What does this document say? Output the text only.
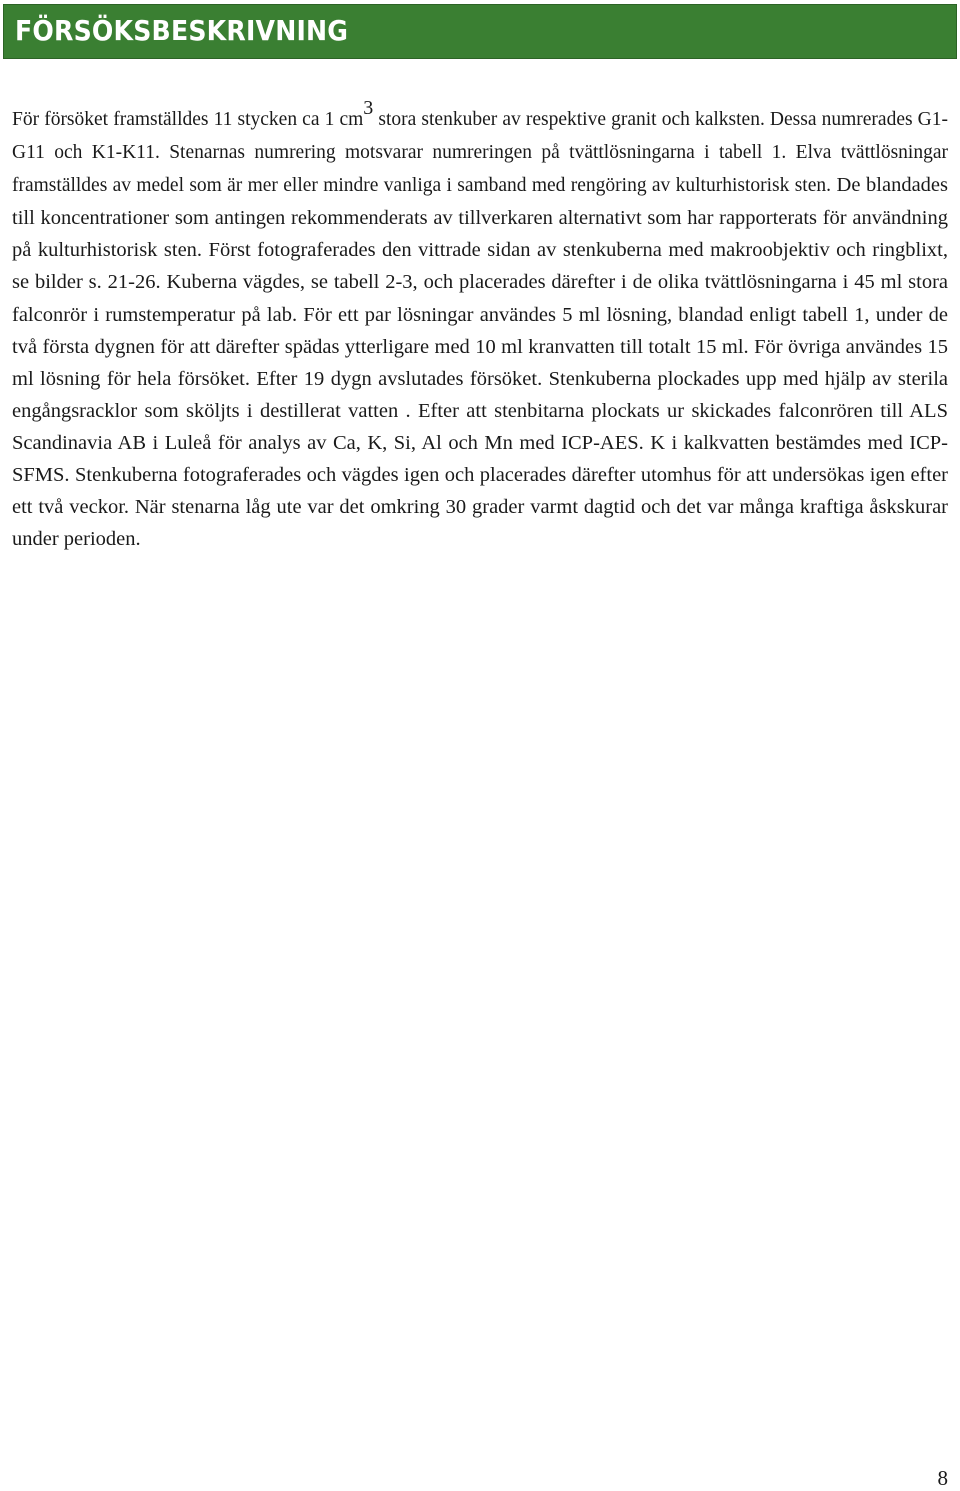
FÖRSÖKSBESKRIVNING

För försöket framställdes 11 stycken ca 1 cm3 stora stenkuber av respektive granit och kalksten. Dessa numrerades G1-G11 och K1-K11. Stenarnas numrering motsvarar numreringen på tvättlösningarna i tabell 1. Elva tvättlösningar framställdes av medel som är mer eller mindre vanliga i samband med rengöring av kulturhistorisk sten. De blandades till koncentrationer som antingen rekommenderats av tillverkaren alternativt som har rapporterats för användning på kulturhistorisk sten. Först fotograferades den vittrade sidan av stenkuberna med makroobjektiv och ringblixt, se bilder s. 21-26. Kuberna vägdes, se tabell 2-3, och placerades därefter i de olika tvättlösningarna i 45 ml stora falconrör i rumstemperatur på lab. För ett par lösningar användes 5 ml lösning, blandad enligt tabell 1, under de två första dygnen för att därefter spädas ytterligare med 10 ml kranvatten till totalt 15 ml. För övriga användes 15 ml lösning för hela försöket. Efter 19 dygn avslutades försöket. Stenkuberna plockades upp med hjälp av sterila engångsracklor som sköljts i destillerat vatten . Efter att stenbitarna plockats ur skickades falconrören till ALS Scandinavia AB i Luleå för analys av Ca, K, Si, Al och Mn med ICP-AES. K i kalkvatten bestämdes med ICP-SFMS. Stenkuberna fotograferades och vägdes igen och placerades därefter utomhus för att undersökas igen efter ett två veckor. När stenarna låg ute var det omkring 30 grader varmt dagtid och det var många kraftiga åskskurar under perioden.

8
